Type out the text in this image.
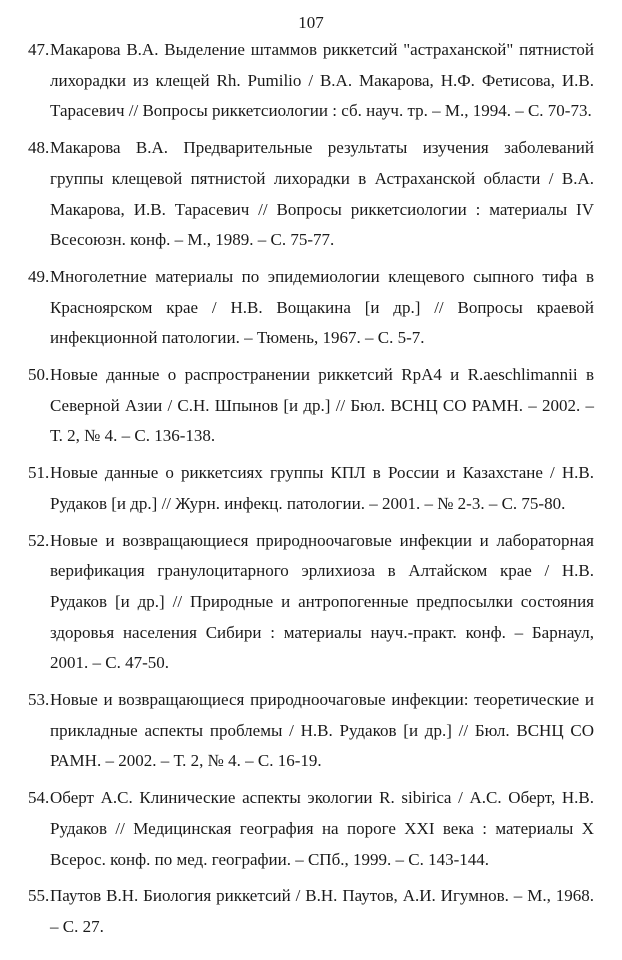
107
47. Макарова В.А. Выделение штаммов риккетсий "астраханской" пятнистой лихорадки из клещей Rh. Pumilio / В.А. Макарова, Н.Ф. Фетисова, И.В. Тарасевич // Вопросы риккетсиологии : сб. науч. тр. – М., 1994. – С. 70-73.
48. Макарова В.А. Предварительные результаты изучения заболеваний группы клещевой пятнистой лихорадки в Астраханской области / В.А. Макарова, И.В. Тарасевич // Вопросы риккетсиологии : материалы IV Всесоюзн. конф. – М., 1989. – С. 75-77.
49. Многолетние материалы по эпидемиологии клещевого сыпного тифа в Красноярском крае / Н.В. Вощакина [и др.] // Вопросы краевой инфекционной патологии. – Тюмень, 1967. – С. 5-7.
50. Новые данные о распространении риккетсий RpA4 и R.aeschlimannii в Северной Азии / С.Н. Шпынов [и др.] // Бюл. ВСНЦ СО РАМН. – 2002. – Т. 2, № 4. – С. 136-138.
51. Новые данные о риккетсиях группы КПЛ в России и Казахстане / Н.В. Рудаков [и др.] // Журн. инфекц. патологии. – 2001. – № 2-3. – С. 75-80.
52. Новые и возвращающиеся природноочаговые инфекции и лабораторная верификация гранулоцитарного эрлихиоза в Алтайском крае / Н.В. Рудаков [и др.] // Природные и антропогенные предпосылки состояния здоровья населения Сибири : материалы науч.-практ. конф. – Барнаул, 2001. – С. 47-50.
53. Новые и возвращающиеся природноочаговые инфекции: теоретические и прикладные аспекты проблемы / Н.В. Рудаков [и др.] // Бюл. ВСНЦ СО РАМН. – 2002. – Т. 2, № 4. – С. 16-19.
54. Оберт А.С. Клинические аспекты экологии R. sibirica / А.С. Оберт, Н.В. Рудаков // Медицинская география на пороге XXI века : материалы X Всерос. конф. по мед. географии. – СПб., 1999. – С. 143-144.
55. Паутов В.Н. Биология риккетсий / В.Н. Паутов, А.И. Игумнов. – М., 1968. – С. 27.
